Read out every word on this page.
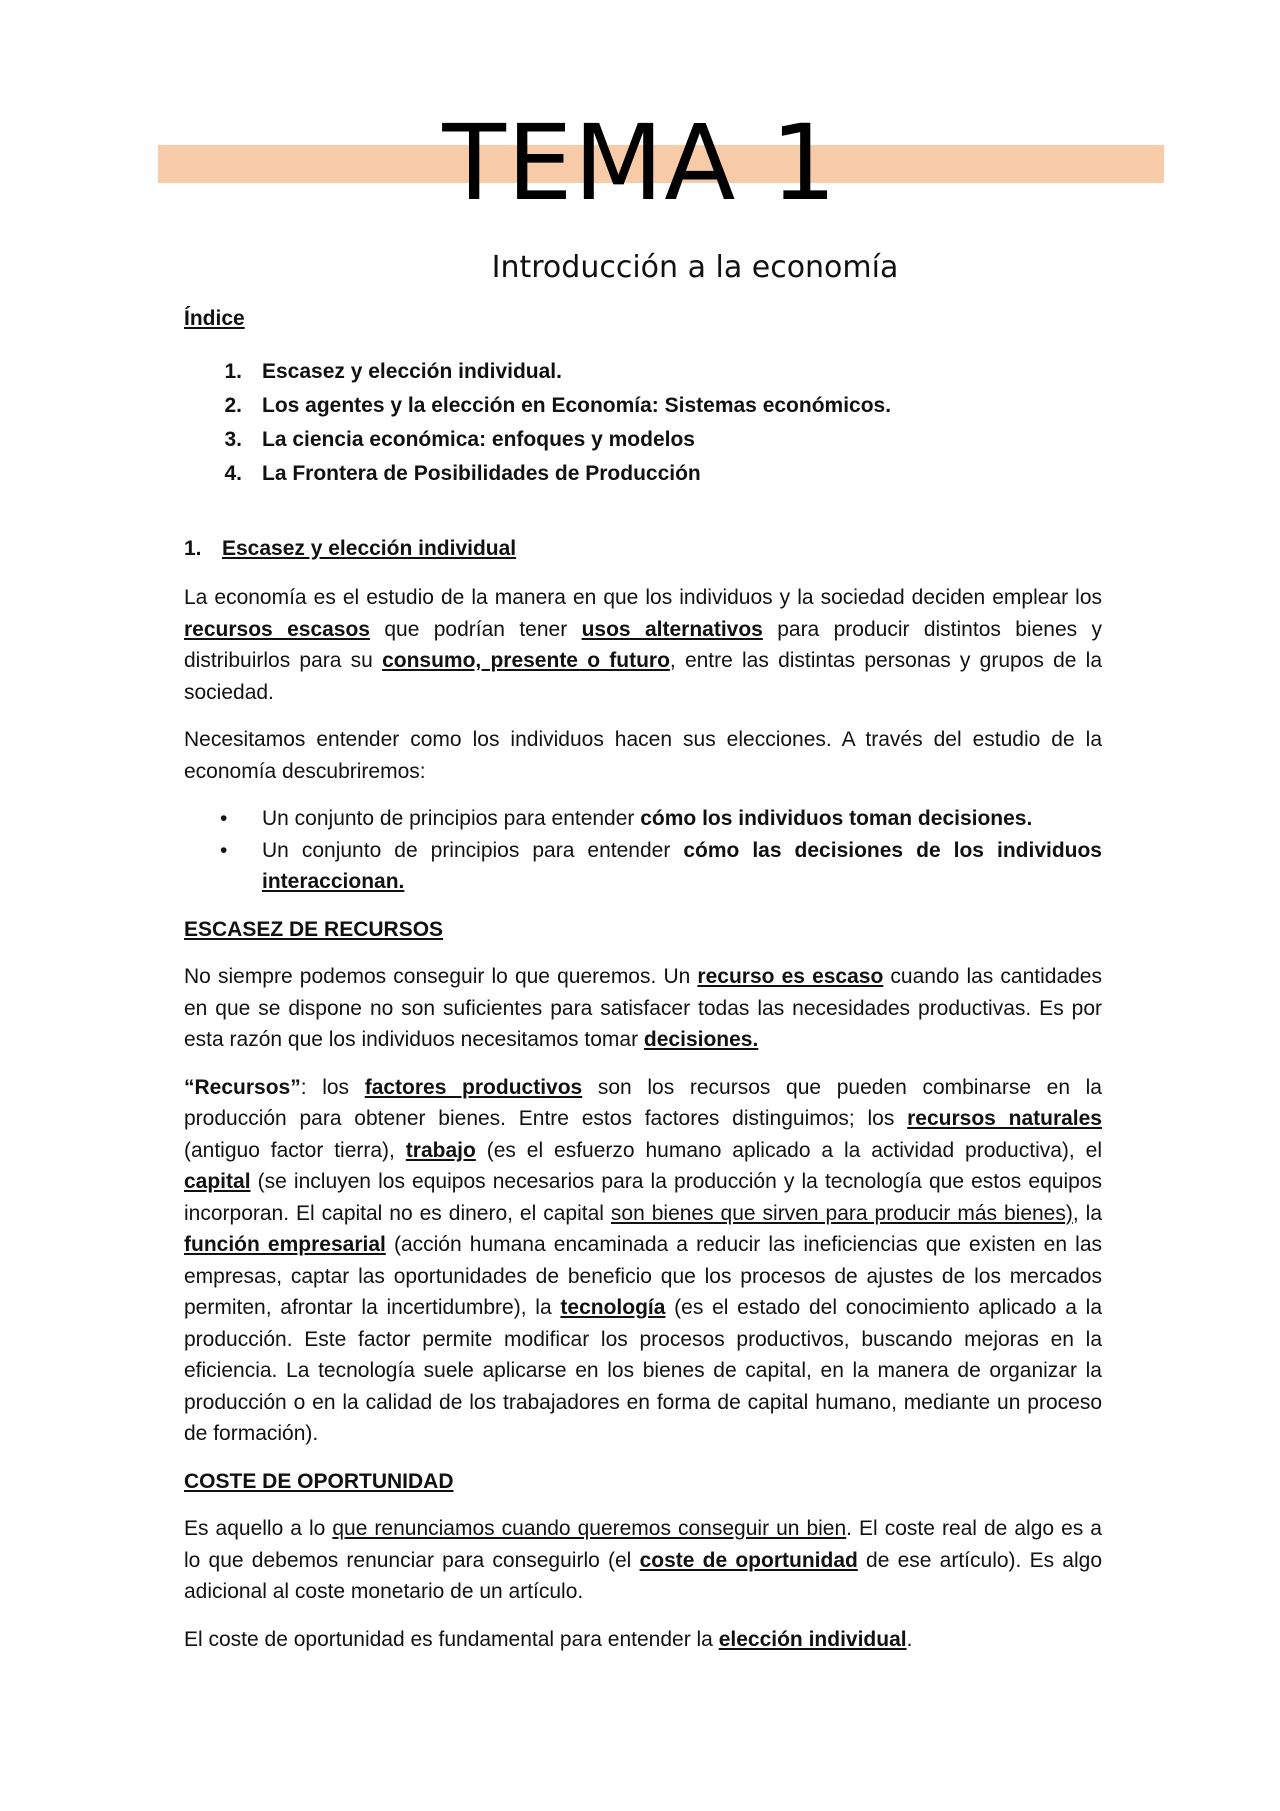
TEMA 1
Introducción a la economía
Índice
1. Escasez y elección individual.
2. Los agentes y la elección en Economía: Sistemas económicos.
3. La ciencia económica: enfoques y modelos
4. La Frontera de Posibilidades de Producción
1. Escasez y elección individual

La economía es el estudio de la manera en que los individuos y la sociedad deciden emplear los recursos escasos que podrían tener usos alternativos para producir distintos bienes y distribuirlos para su consumo, presente o futuro, entre las distintas personas y grupos de la sociedad.

Necesitamos entender como los individuos hacen sus elecciones. A través del estudio de la economía descubriremos:

•	Un conjunto de principios para entender cómo los individuos toman decisiones.
•	Un conjunto de principios para entender cómo las decisiones de los individuos interaccionan.
ESCASEZ DE RECURSOS

No siempre podemos conseguir lo que queremos. Un recurso es escaso cuando las cantidades en que se dispone no son suficientes para satisfacer todas las necesidades productivas. Es por esta razón que los individuos necesitamos tomar decisiones.

“Recursos”: los factores productivos son los recursos que pueden combinarse en la producción para obtener bienes. Entre estos factores distinguimos; los recursos naturales (antiguo factor tierra), trabajo (es el esfuerzo humano aplicado a la actividad productiva), el capital (se incluyen los equipos necesarios para la producción y la tecnología que estos equipos incorporan. El capital no es dinero, el capital son bienes que sirven para producir más bienes), la función empresarial (acción humana encaminada a reducir las ineficiencias que existen en las empresas, captar las oportunidades de beneficio que los procesos de ajustes de los mercados permiten, afrontar la incertidumbre), la tecnología (es el estado del conocimiento aplicado a la producción. Este factor permite modificar los procesos productivos, buscando mejoras en la eficiencia. La tecnología suele aplicarse en los bienes de capital, en la manera de organizar la producción o en la calidad de los trabajadores en forma de capital humano, mediante un proceso de formación).

COSTE DE OPORTUNIDAD

Es aquello a lo que renunciamos cuando queremos conseguir un bien. El coste real de algo es a lo que debemos renunciar para conseguirlo (el coste de oportunidad de ese artículo). Es algo adicional al coste monetario de un artículo.

El coste de oportunidad es fundamental para entender la elección individual.
